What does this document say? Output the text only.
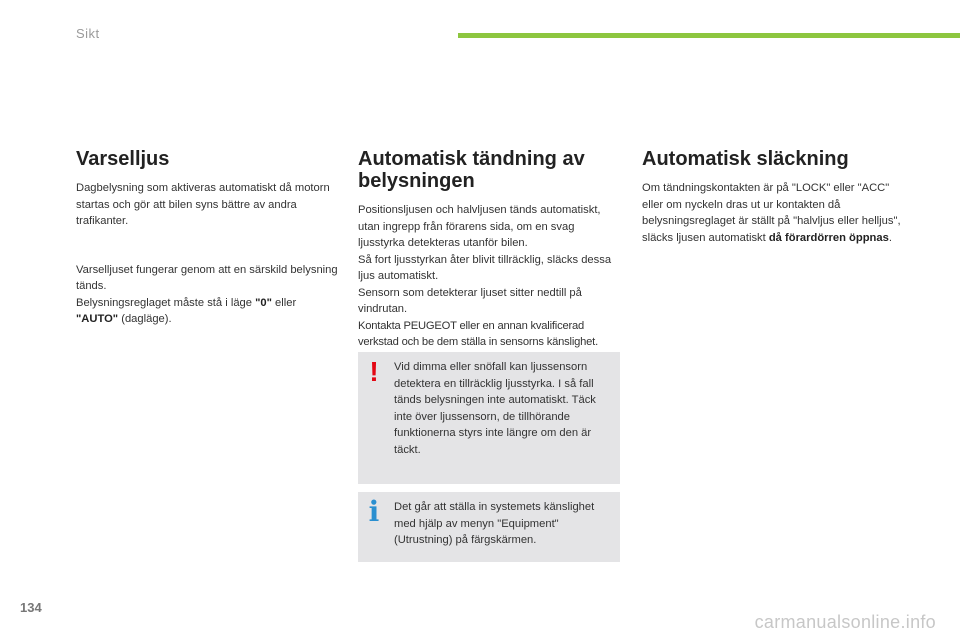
Sikt
Varselljus

Dagbelysning som aktiveras automatiskt då motorn startas och gör att bilen syns bättre av andra trafikanter.

Varselljuset fungerar genom att en särskild belysning tänds.
Belysningsreglaget måste stå i läge "0" eller "AUTO" (dagläge).

Automatisk tändning av belysningen

Positionsljusen och halvljusen tänds automatiskt, utan ingrepp från förarens sida, om en svag ljusstyrka detekteras utanför bilen.
Så fort ljusstyrkan åter blivit tillräcklig, släcks dessa ljus automatiskt.
Sensorn som detekterar ljuset sitter nedtill på vindrutan.
Kontakta PEUGEOT eller en annan kvalificerad verkstad och be dem ställa in sensorns känslighet.

! Vid dimma eller snöfall kan ljussensorn detektera en tillräcklig ljusstyrka. I så fall tänds belysningen inte automatiskt. Täck inte över ljussensorn, de tillhörande funktionerna styrs inte längre om den är täckt.

i Det går att ställa in systemets känslighet med hjälp av menyn "Equipment" (Utrustning) på färgskärmen.

Automatisk släckning

Om tändningskontakten är på "LOCK" eller "ACC" eller om nyckeln dras ut ur kontakten då belysningsreglaget är ställt på "halvljus eller helljus", släcks ljusen automatiskt då förardörren öppnas.

134
carmanualsonline.info
